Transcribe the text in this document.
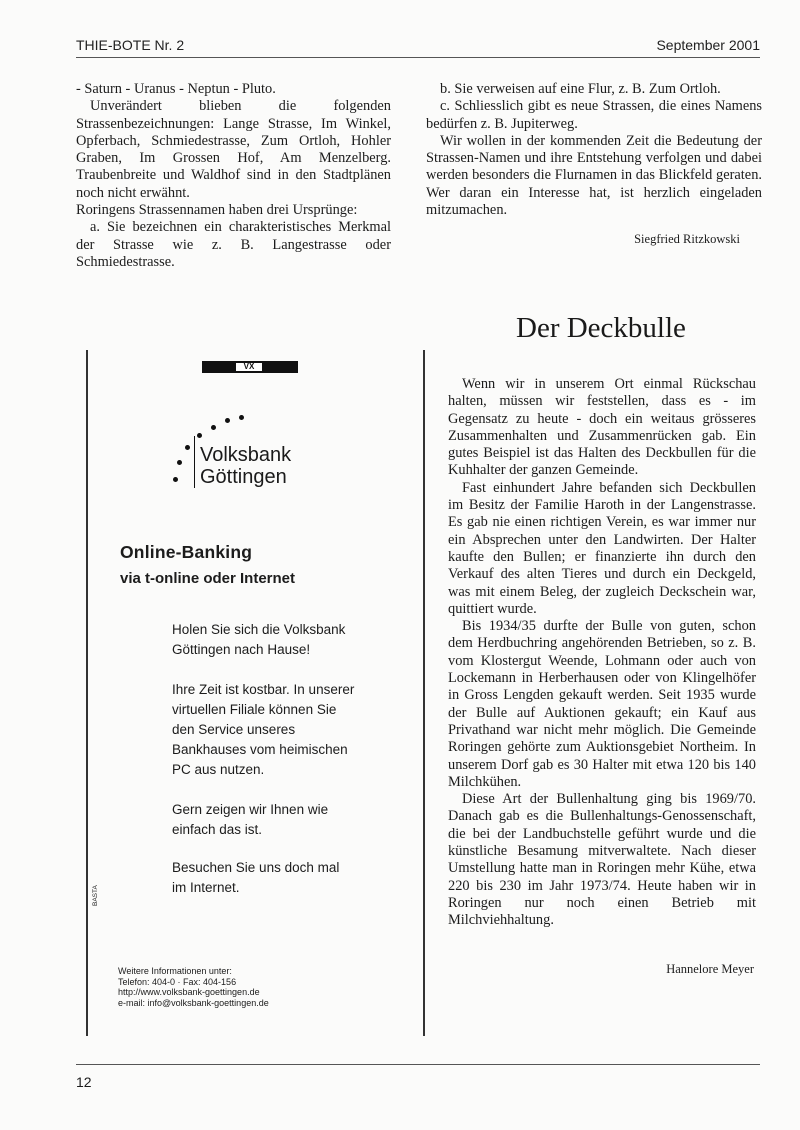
THIE-BOTE Nr. 2	September 2001

- Saturn - Uranus - Neptun - Pluto.

Unverändert blieben die folgenden Strassenbezeichnungen: Lange Strasse, Im Winkel, Opferbach, Schmiedestrasse, Zum Ortloh, Hohler Graben, Im Grossen Hof, Am Menzelberg. Traubenbreite und Waldhof sind in den Stadtplänen noch nicht erwähnt.

Roringens Strassennamen haben drei Ursprünge:

a. Sie bezeichnen ein charakteristisches Merkmal der Strasse wie z. B. Langestrasse oder Schmiedestrasse.

b. Sie verweisen auf eine Flur, z. B. Zum Ortloh.

c. Schliesslich gibt es neue Strassen, die eines Namens bedürfen z. B. Jupiterweg.

Wir wollen in der kommenden Zeit die Bedeutung der Strassen-Namen und ihre Entstehung verfolgen und dabei werden besonders die Flurnamen in das Blickfeld geraten. Wer daran ein Interesse hat, ist herzlich eingeladen mitzumachen.

Siegfried Ritzkowski
VX
Volksbank
Göttingen
Online-Banking
via t-online oder Internet
Holen Sie sich die Volksbank Göttingen nach Hause!
Ihre Zeit ist kostbar. In unserer virtuellen Filiale können Sie den Service unseres Bankhauses vom heimischen PC aus nutzen.
Gern zeigen wir Ihnen wie einfach das ist.
Besuchen Sie uns doch mal im Internet.
BASTA
Weitere Informationen unter:
Telefon: 404-0 · Fax: 404-156
http://www.volksbank-goettingen.de
e-mail: info@volksbank-goettingen.de
Der Deckbulle

Wenn wir in unserem Ort einmal Rückschau halten, müssen wir feststellen, dass es - im Gegensatz zu heute - doch ein weitaus grösseres Zusammenhalten und Zusammenrücken gab. Ein gutes Beispiel ist das Halten des Deckbullen für die Kuhhalter der ganzen Gemeinde.

Fast einhundert Jahre befanden sich Deckbullen im Besitz der Familie Haroth in der Langenstrasse. Es gab nie einen richtigen Verein, es war immer nur ein Absprechen unter den Landwirten. Der Halter kaufte den Bullen; er finanzierte ihn durch den Verkauf des alten Tieres und durch ein Deckgeld, was mit einem Beleg, der zugleich Deckschein war, quittiert wurde.

Bis 1934/35 durfte der Bulle von guten, schon dem Herdbuchring angehörenden Betrieben, so z. B. vom Klostergut Weende, Lohmann oder auch von Lockemann in Herberhausen oder von Klingelhöfer in Gross Lengden gekauft werden. Seit 1935 wurde der Bulle auf Auktionen gekauft; ein Kauf aus Privathand war nicht mehr möglich. Die Gemeinde Roringen gehörte zum Auktionsgebiet Northeim. In unserem Dorf gab es 30 Halter mit etwa 120 bis 140 Milchkühen.

Diese Art der Bullenhaltung ging bis 1969/70. Danach gab es die Bullenhaltungs-Genossenschaft, die bei der Landbuchstelle geführt wurde und die künstliche Besamung mitverwaltete. Nach dieser Umstellung hatte man in Roringen mehr Kühe, etwa 220 bis 230 im Jahr 1973/74. Heute haben wir in Roringen nur noch einen Betrieb mit Milchviehhaltung.

Hannelore Meyer
12
